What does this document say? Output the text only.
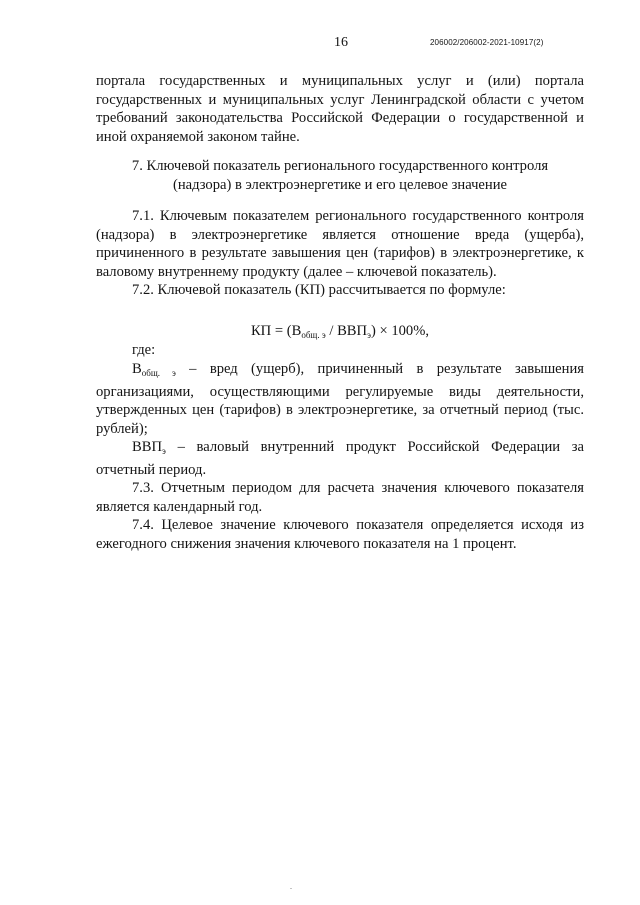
16	206002/206002-2021-10917(2)

портала государственных и муниципальных услуг и (или) портала государственных и муниципальных услуг Ленинградской области с учетом требований законодательства Российской Федерации о государственной и иной охраняемой законом тайне.

7. Ключевой показатель регионального государственного контроля
(надзора) в электроэнергетике и его целевое значение

7.1. Ключевым показателем регионального государственного контроля (надзора) в электроэнергетике является отношение вреда (ущерба), причиненного в результате завышения цен (тарифов) в электроэнергетике, к валовому внутреннему продукту (далее – ключевой показатель).

7.2. Ключевой показатель (КП) рассчитывается по формуле:

КП = $(В_{общ. э} / ВВП_э) \times 100\%$,
где:

$В_{общ. э}$ – вред (ущерб), причиненный в результате завышения организациями, осуществляющими регулируемые виды деятельности, утвержденных цен (тарифов) в электроэнергетике, за отчетный период (тыс. рублей);

$ВВП_э$ – валовый внутренний продукт Российской Федерации за отчетный период.

7.3. Отчетным периодом для расчета значения ключевого показателя является календарный год.

7.4. Целевое значение ключевого показателя определяется исходя из ежегодного снижения значения ключевого показателя на 1 процент.

.
